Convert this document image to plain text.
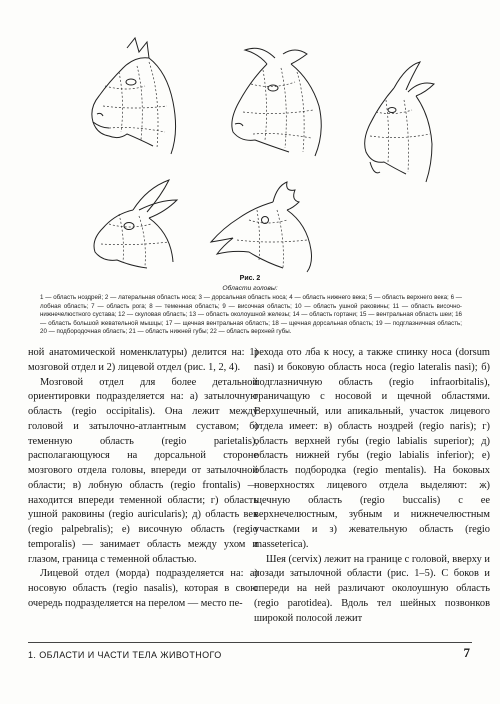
Рис. 2
Области головы:
1 — область ноздрей; 2 — латеральная область носа; 3 — дорсальная область носа; 4 — область нижнего века; 5 — область верхнего века; 6 — лобная область; 7 — область рога; 8 — теменная область; 9 — височная область; 10 — область ушной раковины; 11 — область височно-нижнечелюстного сустава; 12 — скуловая область; 13 — область околоушной железы; 14 — область гортани; 15 — вентральная область шеи; 16 — область большой жевательной мышцы; 17 — щечная вентральная область; 18 — щечная дорсальная область; 19 — подглазничная область; 20 — подбородочная область; 21 — область нижней губы; 22 — область верхней губы.

ной анатомической номенклатуры) делится на: 1) мозговой отдел и 2) лицевой отдел (рис. 1, 2, 4).

Мозговой отдел для более детальной ориентировки подразделяется на: а) затылочную область (regio occipitalis). Она лежит между головой и затылочно-атлантным суставом; б) теменную область (regio parietalis), располагающуюся на дорсальной стороне мозгового отдела головы, впереди от затылочной области; в) лобную область (regio frontalis) — находится впереди теменной области; г) область ушной раковины (regio auricularis); д) область век (regio palpebralis); е) височную область (regio temporalis) — занимает область между ухом и глазом, граница с теменной областью.

Лицевой отдел (морда) подразделяется на: а) носовую область (regio nasalis), которая в свою очередь подразделяется на перелом — место пе-

рехода ото лба к носу, а также спинку носа (dorsum nasi) и боковую область носа (regio lateralis nasi); б) подглазничную область (regio infraorbitalis), граничащую с носовой и щечной областями. Верхушечный, или апикальный, участок лицевого отдела имеет: в) область ноздрей (regio naris); г) область верхней губы (regio labialis superior); д) область нижней губы (regio labialis inferior); е) область подбородка (regio mentalis). На боковых поверхностях лицевого отдела выделяют: ж) щечную область (regio buccalis) с ее верхнечелюстным, зубным и нижнечелюстным участками и з) жевательную область (regio masseterica).

Шея (cervix) лежит на границе с головой, вверху и позади затылочной области (рис. 1–5). С боков и спереди на ней различают околоушную область (regio parotidea). Вдоль тел шейных позвонков широкой полосой лежит

1. ОБЛАСТИ И ЧАСТИ ТЕЛА ЖИВОТНОГО	7
